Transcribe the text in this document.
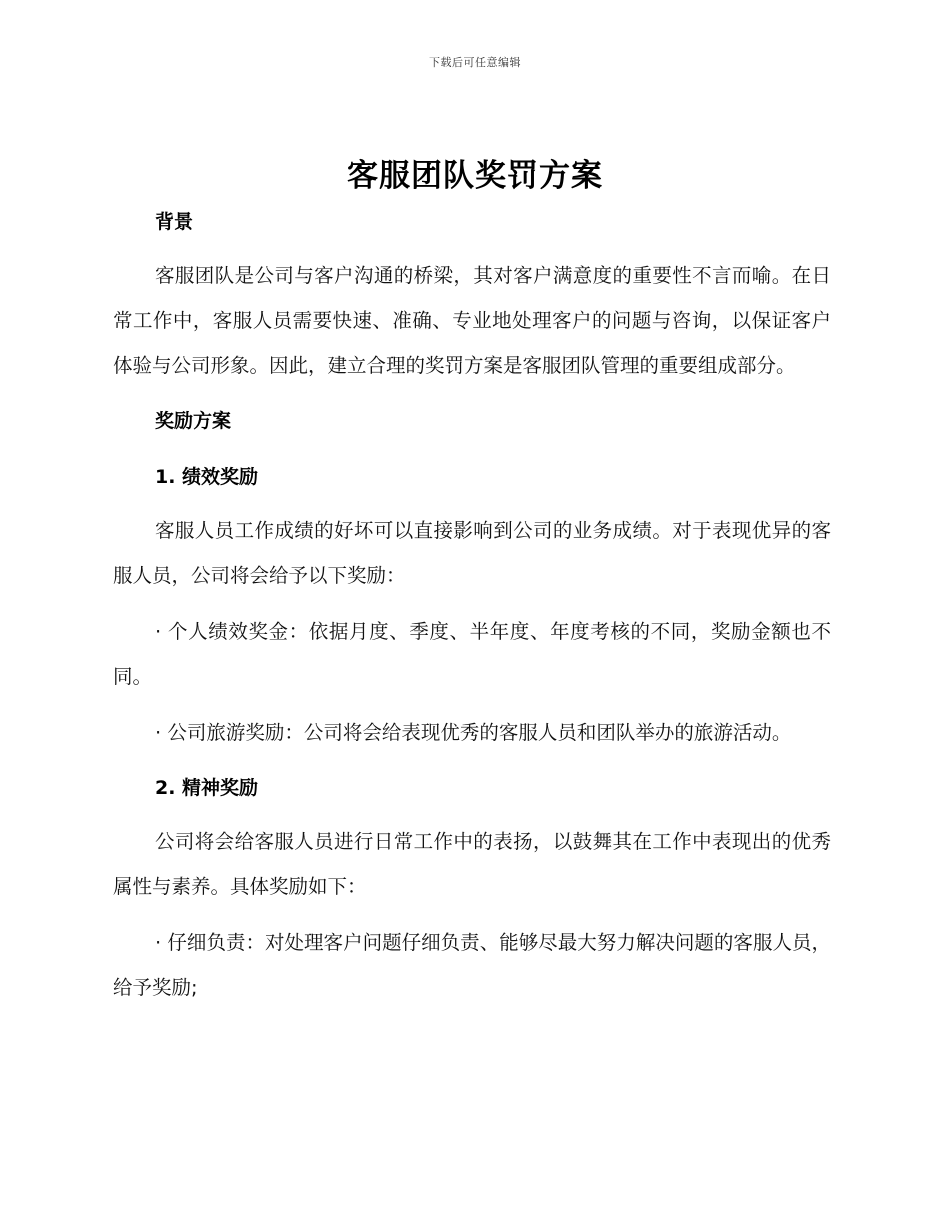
下载后可任意编辑
客服团队奖罚方案
背景

客服团队是公司与客户沟通的桥梁，其对客户满意度的重要性不言而喻。在日常工作中，客服人员需要快速、准确、专业地处理客户的问题与咨询，以保证客户体验与公司形象。因此，建立合理的奖罚方案是客服团队管理的重要组成部分。

奖励方案
1. 绩效奖励

客服人员工作成绩的好坏可以直接影响到公司的业务成绩。对于表现优异的客服人员，公司将会给予以下奖励：

· 个人绩效奖金：依据月度、季度、半年度、年度考核的不同，奖励金额也不同。

· 公司旅游奖励：公司将会给表现优秀的客服人员和团队举办的旅游活动。

2. 精神奖励

公司将会给客服人员进行日常工作中的表扬，以鼓舞其在工作中表现出的优秀属性与素养。具体奖励如下：

· 仔细负责：对处理客户问题仔细负责、能够尽最大努力解决问题的客服人员，给予奖励;
